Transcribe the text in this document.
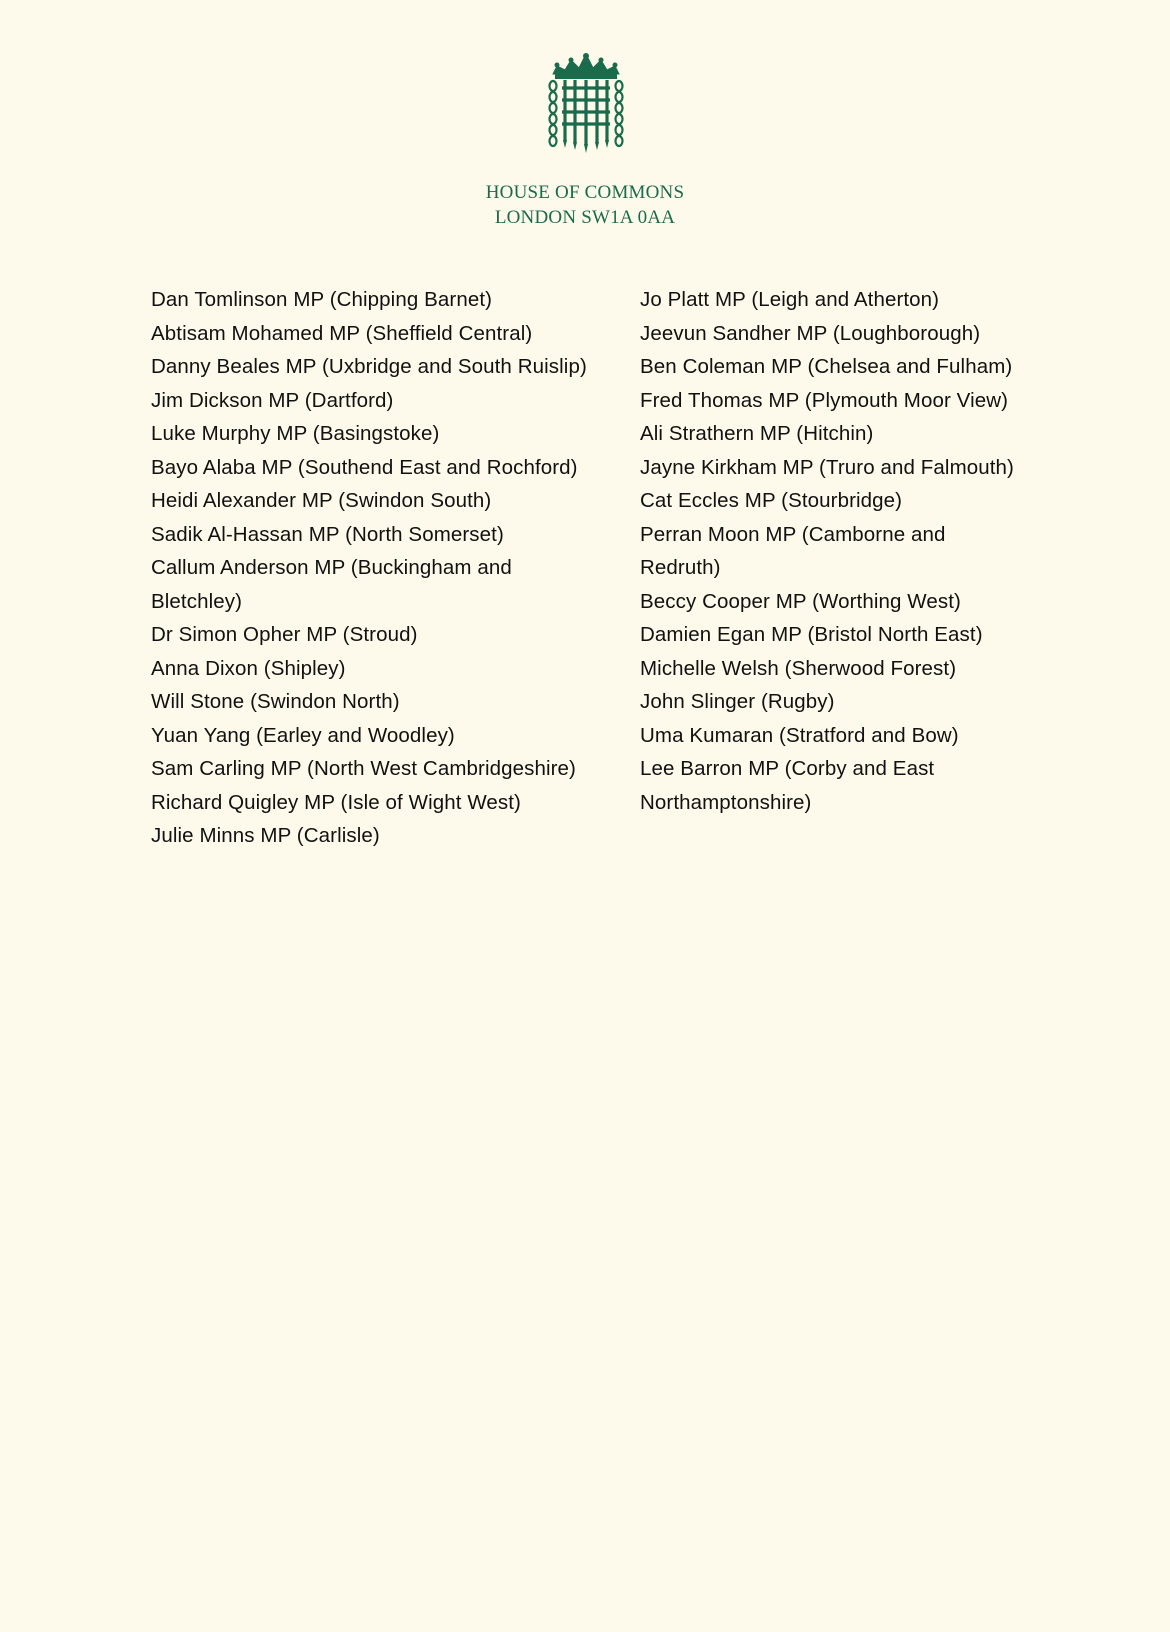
HOUSE OF COMMONS
LONDON SW1A 0AA
Dan Tomlinson MP (Chipping Barnet)
Abtisam Mohamed MP (Sheffield Central)
Danny Beales MP (Uxbridge and South Ruislip)
Jim Dickson MP (Dartford)
Luke Murphy MP (Basingstoke)
Bayo Alaba MP (Southend East and Rochford)
Heidi Alexander MP (Swindon South)
Sadik Al-Hassan MP (North Somerset)
Callum Anderson MP (Buckingham and
Bletchley)
Dr Simon Opher MP (Stroud)
Anna Dixon (Shipley)
Will Stone (Swindon North)
Yuan Yang (Earley and Woodley)
Sam Carling MP (North West Cambridgeshire)
Richard Quigley MP (Isle of Wight West)
Julie Minns MP (Carlisle)
Jo Platt MP (Leigh and Atherton)
Jeevun Sandher MP (Loughborough)
Ben Coleman MP (Chelsea and Fulham)
Fred Thomas MP (Plymouth Moor View)
Ali Strathern MP (Hitchin)
Jayne Kirkham MP (Truro and Falmouth)
Cat Eccles MP (Stourbridge)
Perran Moon MP (Camborne and
Redruth)
Beccy Cooper MP (Worthing West)
Damien Egan MP (Bristol North East)
Michelle Welsh (Sherwood Forest)
John Slinger (Rugby)
Uma Kumaran (Stratford and Bow)
Lee Barron MP (Corby and East
Northamptonshire)
